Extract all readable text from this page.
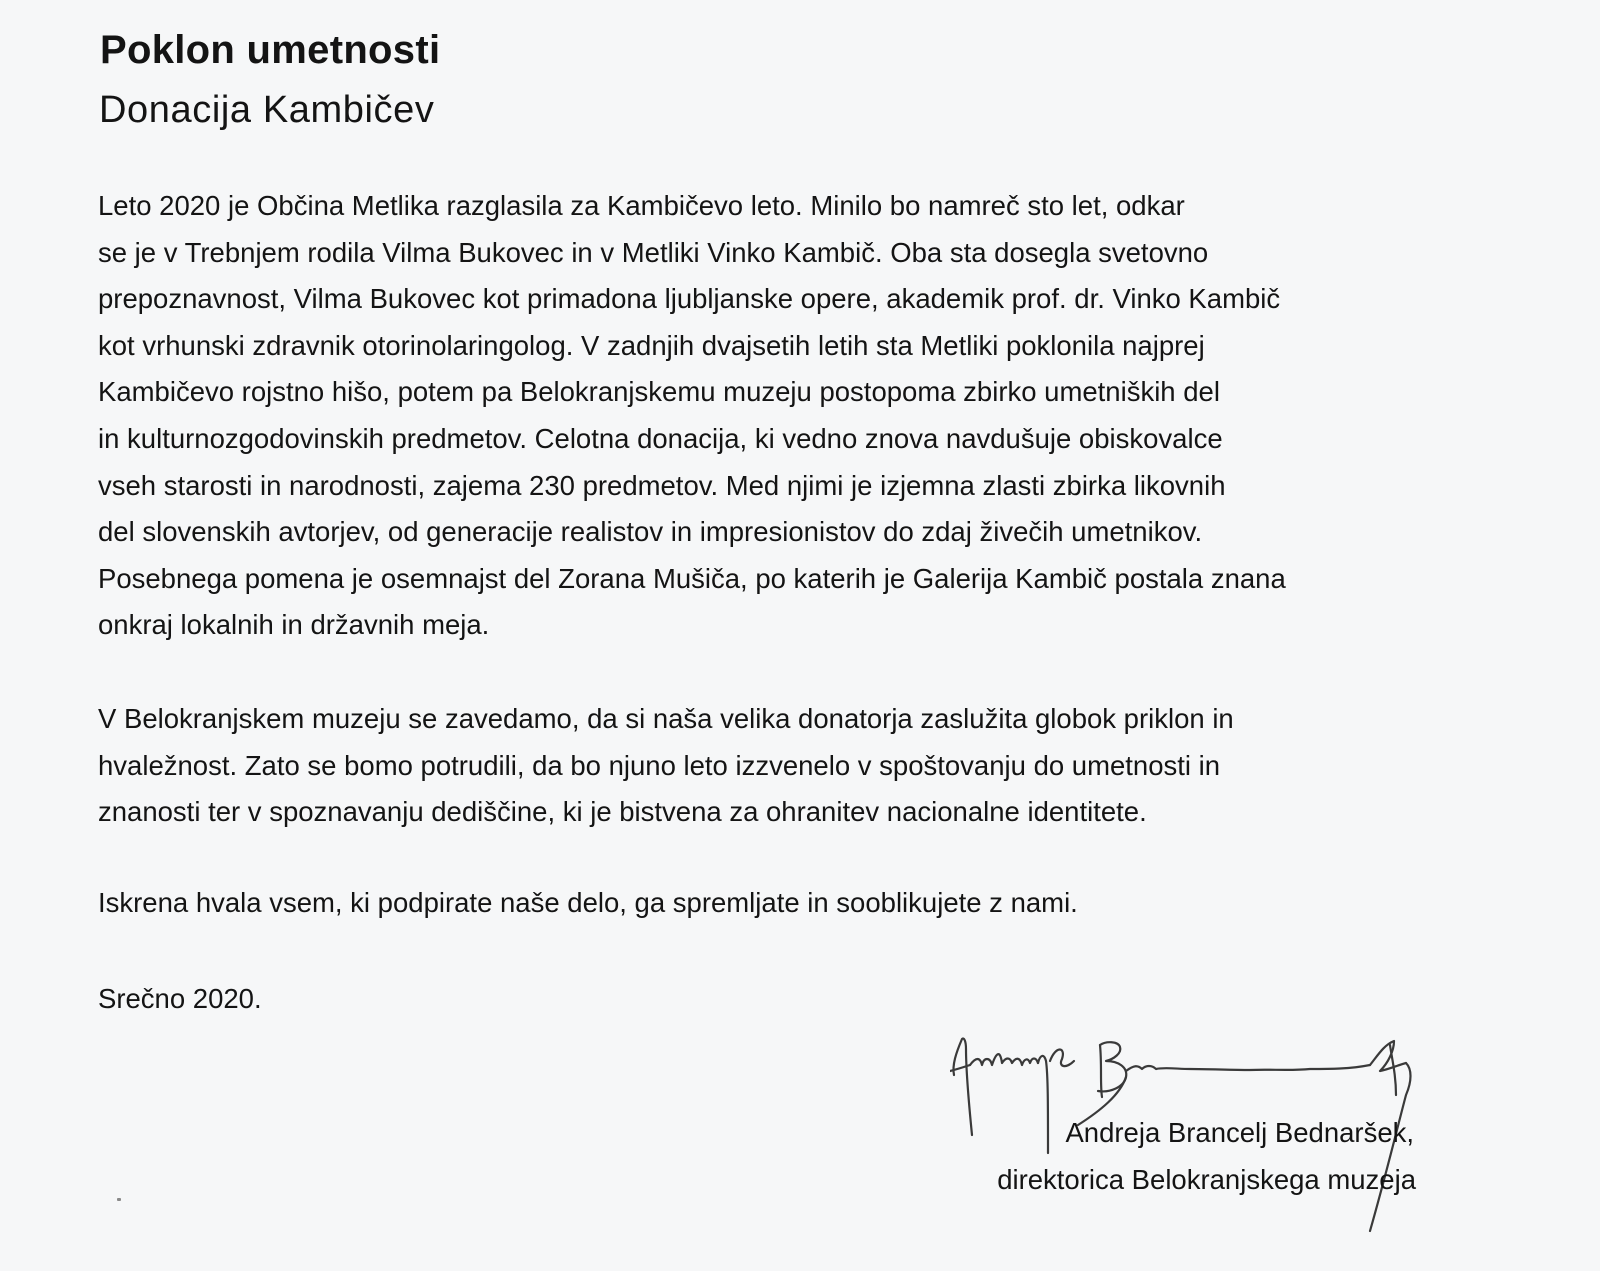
Poklon umetnosti
Donacija Kambičev

Leto 2020 je Občina Metlika razglasila za Kambičevo leto. Minilo bo namreč sto let, odkar
se je v Trebnjem rodila Vilma Bukovec in v Metliki Vinko Kambič. Oba sta dosegla svetovno
prepoznavnost, Vilma Bukovec kot primadona ljubljanske opere, akademik prof. dr. Vinko Kambič
kot vrhunski zdravnik otorinolaringolog. V zadnjih dvajsetih letih sta Metliki poklonila najprej
Kambičevo rojstno hišo, potem pa Belokranjskemu muzeju postopoma zbirko umetniških del
in kulturnozgodovinskih predmetov. Celotna donacija, ki vedno znova navdušuje obiskovalce
vseh starosti in narodnosti, zajema 230 predmetov. Med njimi je izjemna zlasti zbirka likovnih
del slovenskih avtorjev, od generacije realistov in impresionistov do zdaj živečih umetnikov.
Posebnega pomena je osemnajst del Zorana Mušiča, po katerih je Galerija Kambič postala znana
onkraj lokalnih in državnih meja.

V Belokranjskem muzeju se zavedamo, da si naša velika donatorja zaslužita globok priklon in
hvaležnost. Zato se bomo potrudili, da bo njuno leto izzvenelo v spoštovanju do umetnosti in
znanosti ter v spoznavanju dediščine, ki je bistvena za ohranitev nacionalne identitete.

Iskrena hvala vsem, ki podpirate naše delo, ga spremljate in sooblikujete z nami.

Srečno 2020.

Andreja Brancelj Bednaršek,
direktorica Belokranjskega muzeja
